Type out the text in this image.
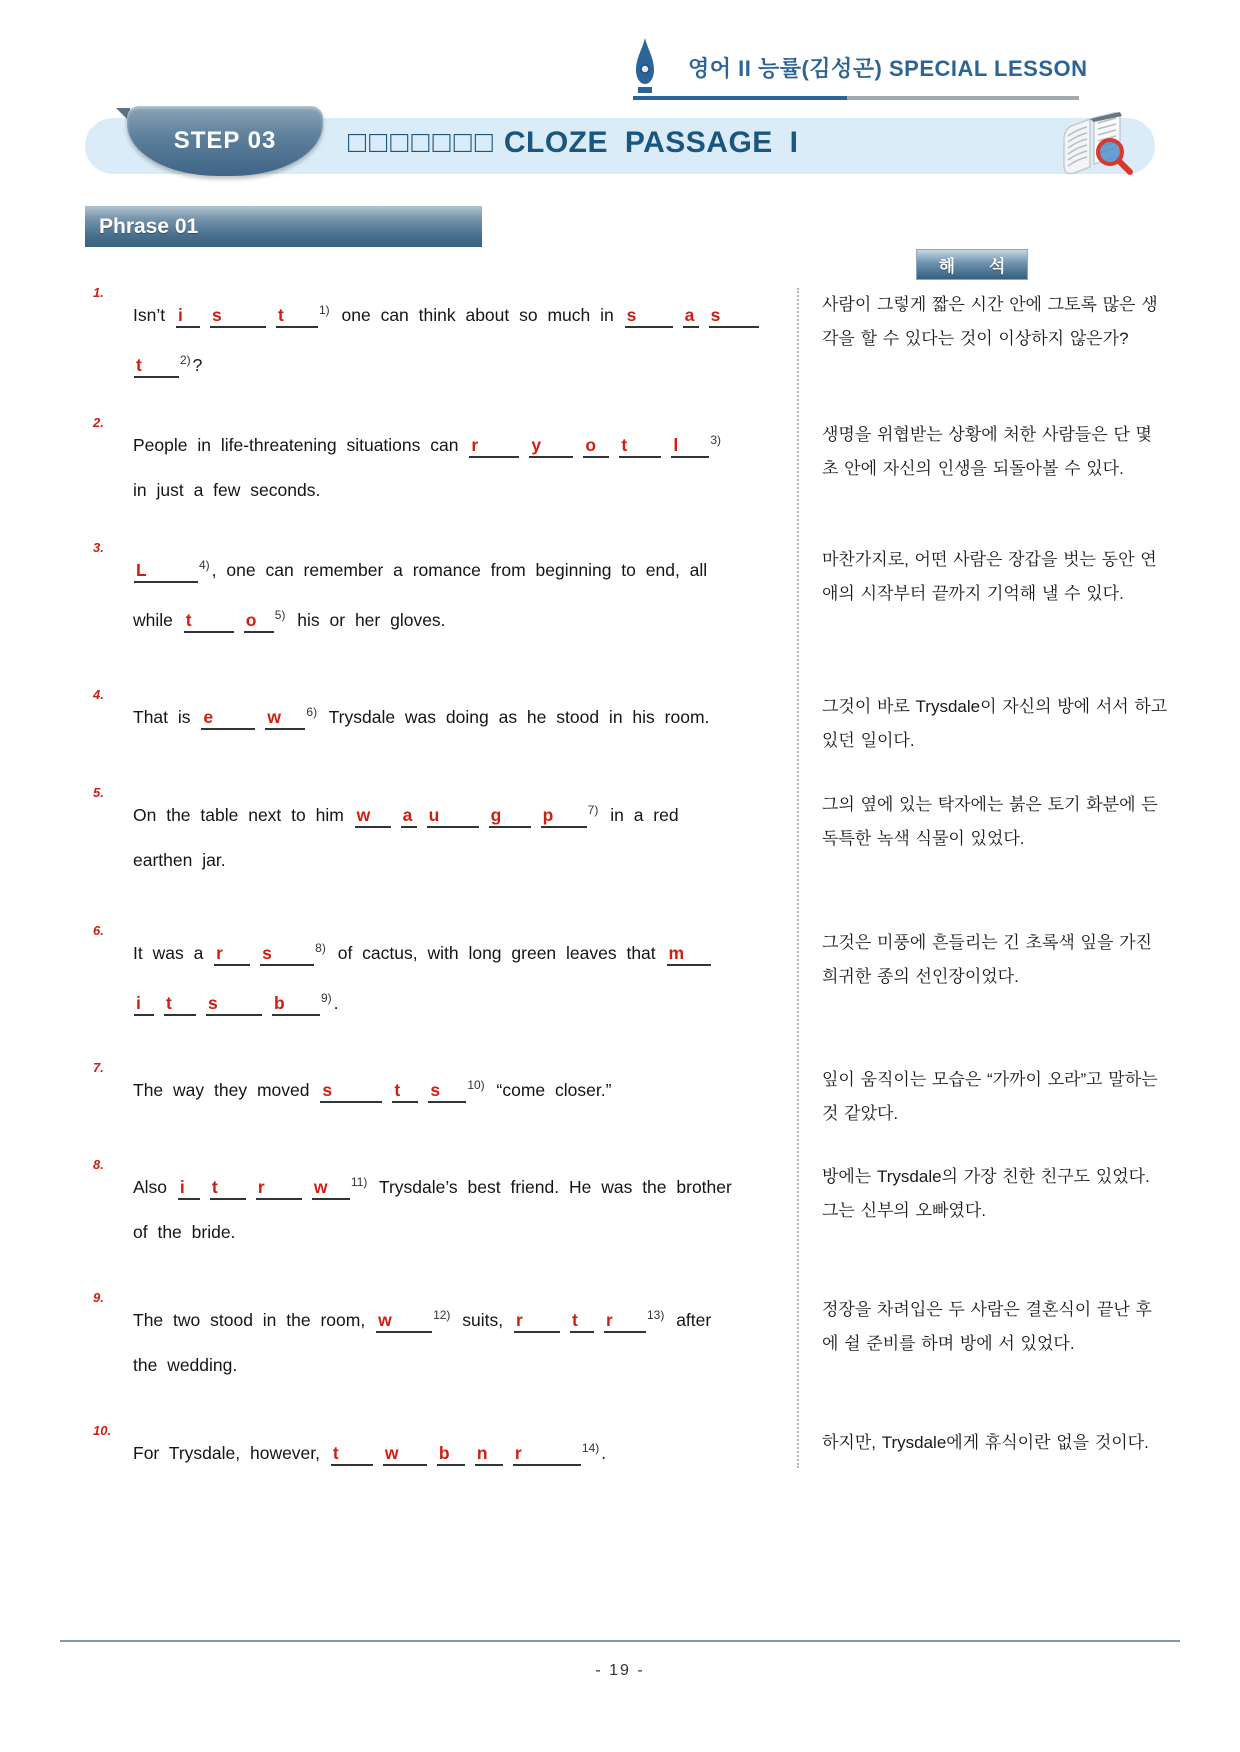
영어 II 능률(김성곤) SPECIAL LESSON
STEP 03	□□□□□□□ CLOZE PASSAGE I
Phrase 01
해　　석
1.
Isn’t i s	t	$^{1)}$ one can think about so much in s	a s
t	$^{2)}$ ?
사람이 그렇게 짧은 시간 안에 그토록 많은 생각을 할 수 있다는 것이 이상하지 않은가?
2.
People in life-threatening situations can r	y	o t	l	$^{3)}$
in just a few seconds.
생명을 위협받는 상황에 처한 사람들은 단 몇 초 안에 자신의 인생을 되돌아볼 수 있다.
3.
L	$^{4)}$ , one can remember a romance from beginning to end, all
while t	o $^{5)}$ his or her gloves.
마찬가지로, 어떤 사람은 장갑을 벗는 동안 연애의 시작부터 끝까지 기억해 낼 수 있다.
4.
That is e	w $^{6)}$ Trysdale was doing as he stood in his room.
그것이 바로 Trysdale이 자신의 방에 서서 하고 있던 일이다.
5.
On the table next to him w a u	g p	$^{7)}$ in a red
earthen jar.
그의 옆에 있는 탁자에는 붉은 토기 화분에 든 독특한 녹색 식물이 있었다.
6.
It was a r s	$^{8)}$ of cactus, with long green leaves that m
i t s	b	$^{9)}$ .
그것은 미풍에 흔들리는 긴 초록색 잎을 가진 희귀한 종의 선인장이었다.
7.
The way they moved s	t s $^{10)}$ “come closer.”
잎이 움직이는 모습은 “가까이 오라”고 말하는 것 같았다.
8.
Also i t r	w $^{11)}$ Trysdale’s best friend. He was the brother
of the bride.
방에는 Trysdale의 가장 친한 친구도 있었다. 그는 신부의 오빠였다.
9.
The two stood in the room, w	$^{12)}$ suits, r	t r	$^{13)}$ after
the wedding.
정장을 차려입은 두 사람은 결혼식이 끝난 후에 쉴 준비를 하며 방에 서 있었다.
10.
For Trysdale, however, t	w b n r	$^{14)}$ .
하지만, Trysdale에게 휴식이란 없을 것이다.
- 19 -
